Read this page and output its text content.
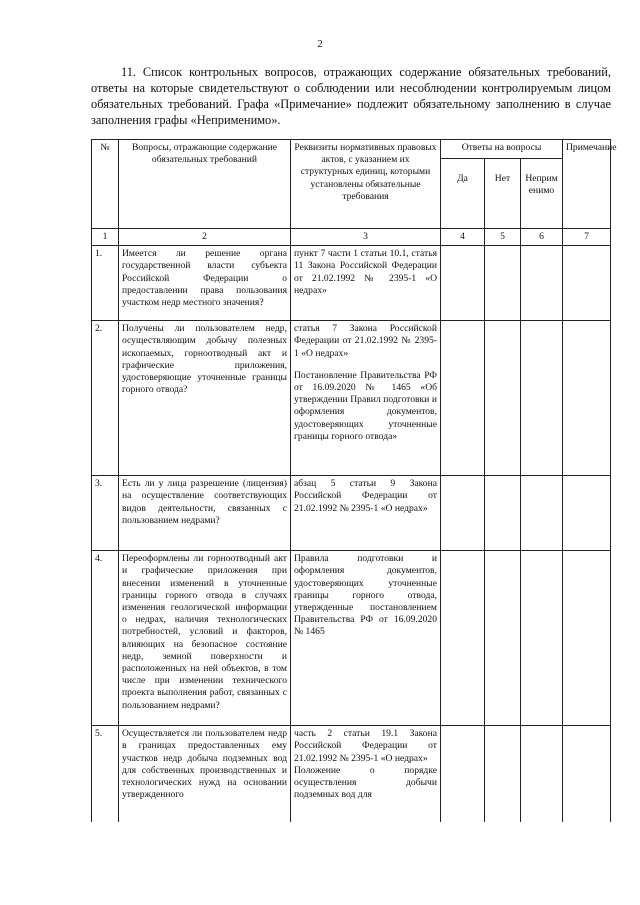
2

11. Список контрольных вопросов, отражающих содержание обязательных требований, ответы на которые свидетельствуют о соблюдении или несоблюдении контролируемым лицом обязательных требований. Графа «Примечание» подлежит обязательному заполнению в случае заполнения графы «Неприменимо».

№	Вопросы, отражающие содержание обязательных требований	Реквизиты нормативных правовых актов, с указанием их структурных единиц, которыми установлены обязательные требования	Ответы на вопросы			Примечание
			Да	Нет	Неприменимо	
1	2	3	4	5	6	7
1.	Имеется ли решение органа государственной власти субъекта Российской Федерации о предоставлении права пользования участком недр местного значения?	пункт 7 части 1 статьи 10.1, статья 11 Закона Российской Федерации от 21.02.1992 № 2395-1 «О недрах»				
2.	Получены ли пользователем недр, осуществляющим добычу полезных ископаемых, горноотводный акт и графические приложения, удостоверяющие уточненные границы горного отвода?	статья 7 Закона Российской Федерации от 21.02.1992 № 2395-1 «О недрах»
Постановление Правительства РФ от 16.09.2020 № 1465 «Об утверждении Правил подготовки и оформления документов, удостоверяющих уточненные границы горного отвода»				
3.	Есть ли у лица разрешение (лицензия) на осуществление соответствующих видов деятельности, связанных с пользованием недрами?	абзац 5 статьи 9 Закона Российской Федерации от 21.02.1992 № 2395-1 «О недрах»				
4.	Переоформлены ли горноотводный акт и графические приложения при внесении изменений в уточненные границы горного отвода в случаях изменения геологической информации о недрах, наличия технологических потребностей, условий и факторов, влияющих на безопасное состояние недр, земной поверхности и расположенных на ней объектов, в том числе при изменении технического проекта выполнения работ, связанных с пользованием недрами?	Правила подготовки и оформления документов, удостоверяющих уточненные границы горного отвода, утвержденные постановлением Правительства РФ от 16.09.2020 № 1465				
5.	Осуществляется ли пользователем недр в границах предоставленных ему участков недр добыча подземных вод для собственных производственных и технологических нужд на основании утвержденного	часть 2 статьи 19.1 Закона Российской Федерации от 21.02.1992 № 2395-1 «О недрах»
Положение о порядке осуществления добычи подземных вод для				
